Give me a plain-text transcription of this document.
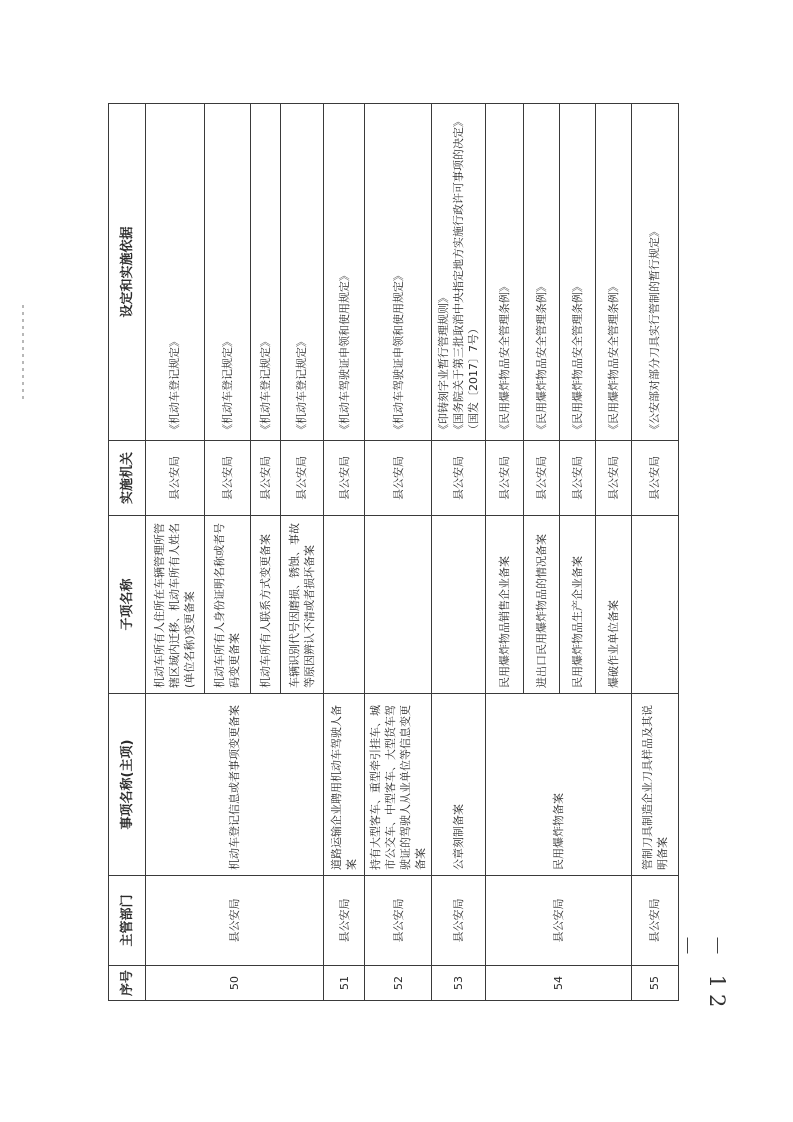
－ 12 －
序号	主管部门	事项名称(主项)	子项名称	实施机关	设定和实施依据
50	县公安局	机动车登记信息或者事项变更备案	机动车所有人住所在车辆管理所管辖区域内迁移、机动车所有人姓名(单位名称)变更备案	县公安局	《机动车登记规定》
			机动车所有人身份证明名称或者号码变更备案	县公安局	《机动车登记规定》
			机动车所有人联系方式变更备案	县公安局	《机动车登记规定》
			车辆识别代号因磨损、锈蚀、事故等原因辨认不清或者损坏备案	县公安局	《机动车登记规定》
51	县公安局	道路运输企业聘用机动车驾驶人备案		县公安局	《机动车驾驶证申领和使用规定》
52	县公安局	持有大型客车、重型牵引挂车、城市公交车、中型客车、大型货车驾驶证的驾驶人从业单位等信息变更备案		县公安局	《机动车驾驶证申领和使用规定》
53	县公安局	公章刻制备案		县公安局	《印铸刻字业暂行管理规则》 《国务院关于第三批取消中央指定地方实施行政许可事项的决定》（国发〔2017〕7号）

54	县公安局	民用爆炸物备案	民用爆炸物品销售企业备案	县公安局	《民用爆炸物品安全管理条例》
			进出口民用爆炸物品的情况备案	县公安局	《民用爆炸物品安全管理条例》
			民用爆炸物品生产企业备案	县公安局	《民用爆炸物品安全管理条例》
			爆破作业单位备案	县公安局	《民用爆炸物品安全管理条例》
55	县公安局	管制刀具制造企业刀具样品及其说明备案		县公安局	《公安部对部分刀具实行管制的暂行规定》
